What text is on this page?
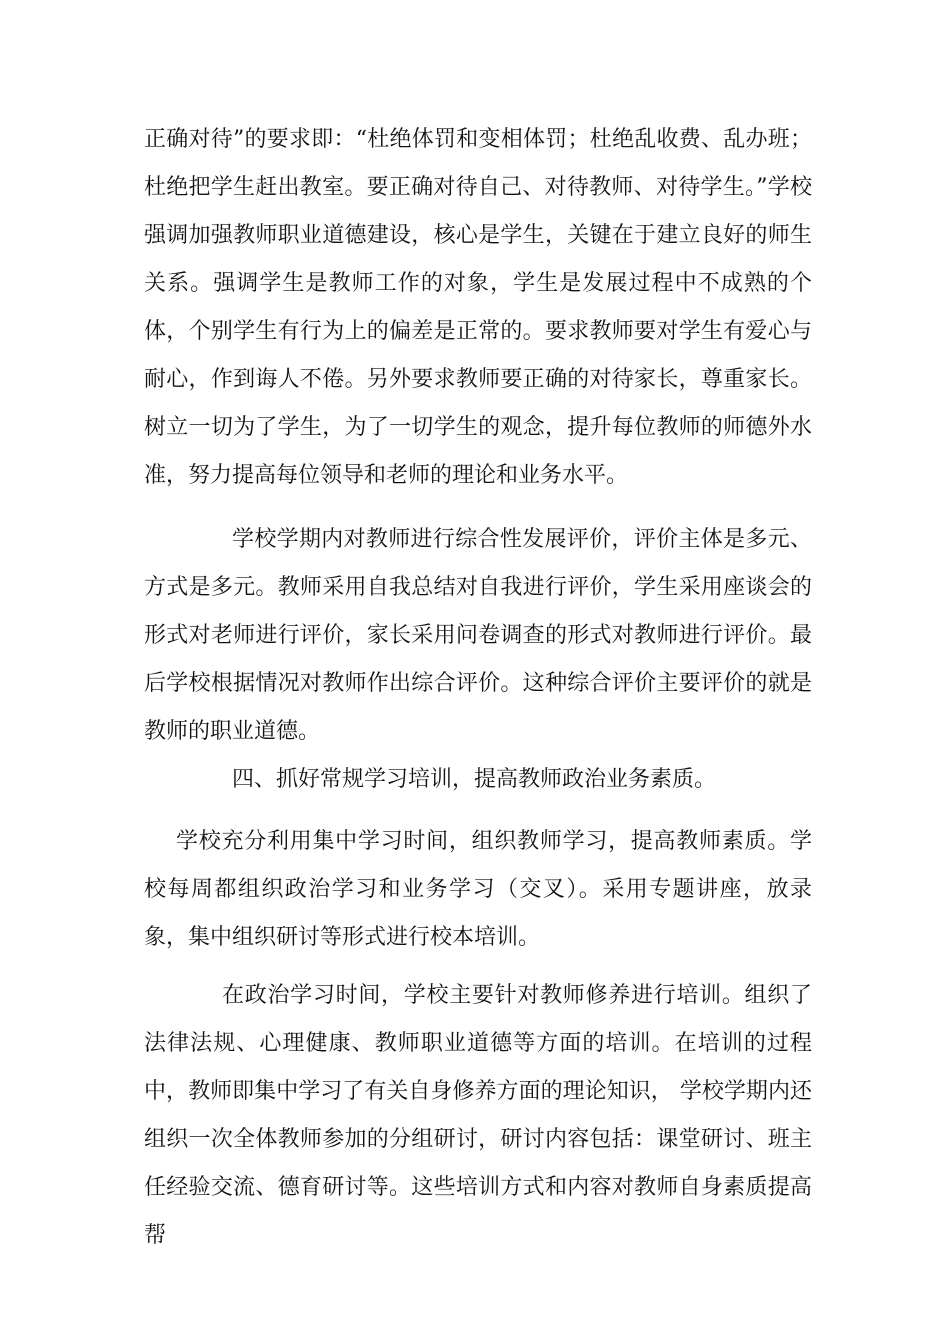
正确对待”的要求即：“杜绝体罚和变相体罚；杜绝乱收费、乱办班；杜绝把学生赶出教室。要正确对待自己、对待教师、对待学生。”学校强调加强教师职业道德建设，核心是学生，关键在于建立良好的师生关系。强调学生是教师工作的对象，学生是发展过程中不成熟的个体，个别学生有行为上的偏差是正常的。要求教师要对学生有爱心与耐心，作到诲人不倦。另外要求教师要正确的对待家长，尊重家长。树立一切为了学生，为了一切学生的观念，提升每位教师的师德外水准，努力提高每位领导和老师的理论和业务水平。

学校学期内对教师进行综合性发展评价，评价主体是多元、方式是多元。教师采用自我总结对自我进行评价，学生采用座谈会的形式对老师进行评价，家长采用问卷调查的形式对教师进行评价。最后学校根据情况对教师作出综合评价。这种综合评价主要评价的就是教师的职业道德。

四、抓好常规学习培训，提高教师政治业务素质。

学校充分利用集中学习时间，组织教师学习，提高教师素质。学校每周都组织政治学习和业务学习（交叉）。采用专题讲座，放录象，集中组织研讨等形式进行校本培训。

在政治学习时间，学校主要针对教师修养进行培训。组织了法律法规、心理健康、教师职业道德等方面的培训。在培训的过程中，教师即集中学习了有关自身修养方面的理论知识， 学校学期内还组织一次全体教师参加的分组研讨，研讨内容包括：课堂研讨、班主任经验交流、德育研讨等。这些培训方式和内容对教师自身素质提高帮
